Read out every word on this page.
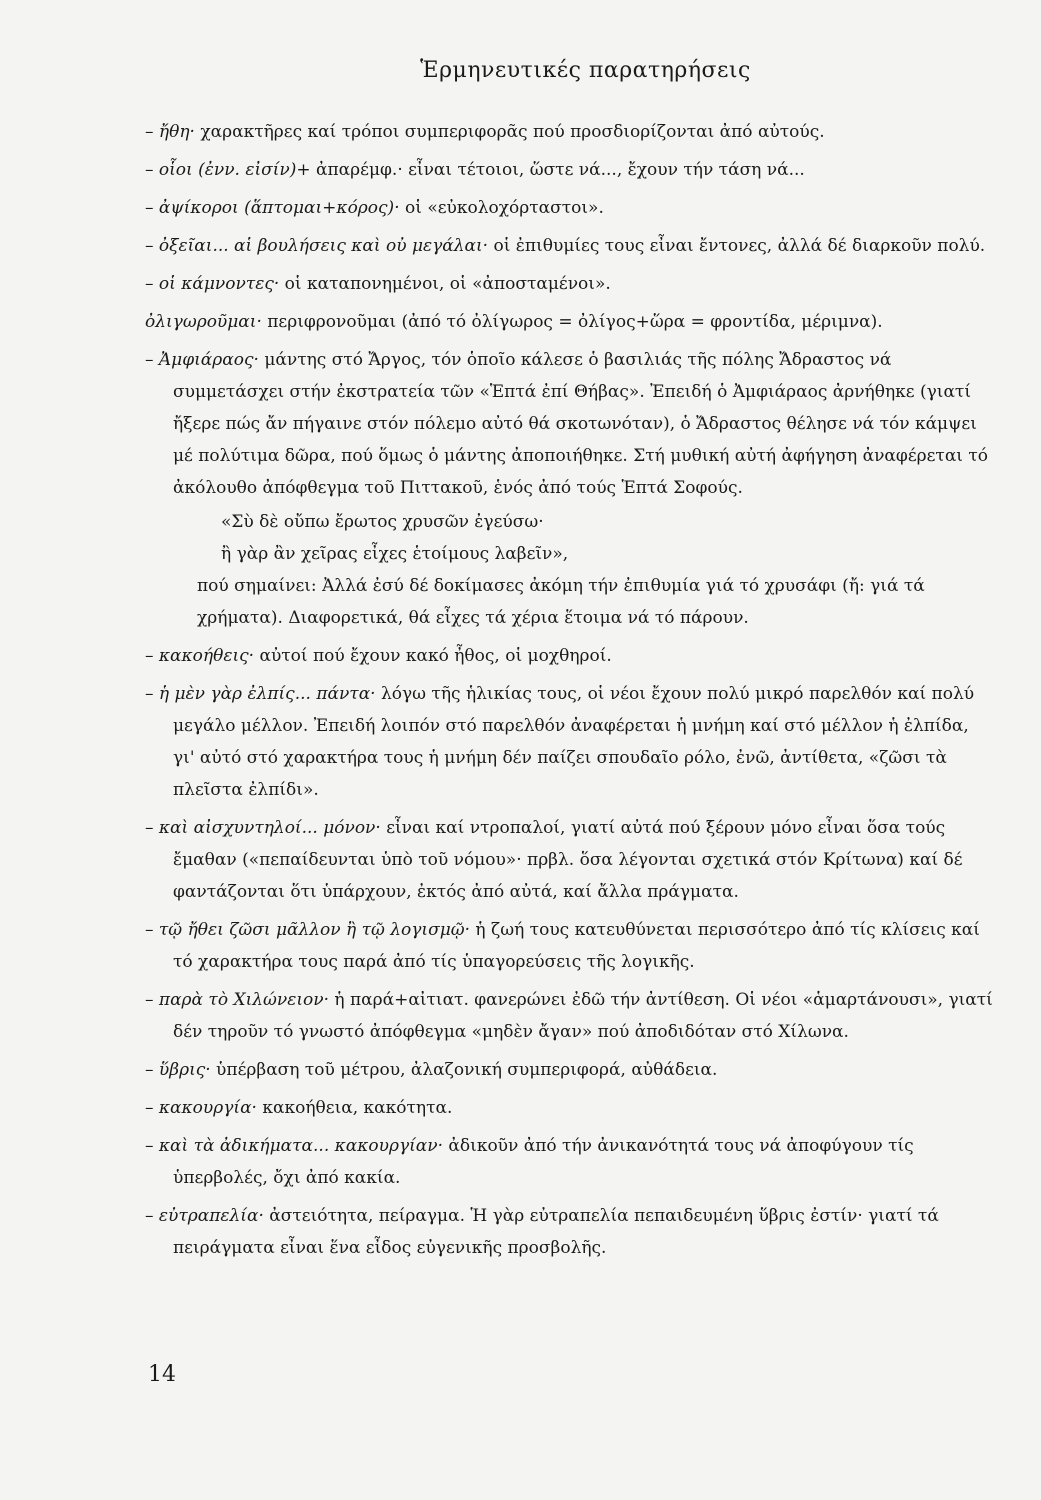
Ἑρμηνευτικές παρατηρήσεις
– ἤθη· χαρακτῆρες καί τρόποι συμπεριφορᾶς πού προσδιορίζονται ἀπό αὐτούς.
– οἷοι (ἐνν. εἰσίν)+ ἀπαρέμφ.· εἶναι τέτοιοι, ὥστε νά..., ἔχουν τήν τάση νά...
– ἀψίκοροι (ἅπτομαι+κόρος)· οἱ «εὐκολοχόρταστοι».
– ὀξεῖαι... αἱ βουλήσεις καὶ οὐ μεγάλαι· οἱ ἐπιθυμίες τους εἶναι ἔντονες, ἀλλά δέ διαρκοῦν πολύ.
– οἱ κάμνοντες· οἱ καταπονημένοι, οἱ «ἀποσταμένοι».
ὀλιγωροῦμαι· περιφρονοῦμαι (ἀπό τό ὀλίγωρος = ὀλίγος+ὥρα = φροντίδα, μέριμνα).
– Ἀμφιάραος· μάντης στό Ἄργος, τόν ὁποῖο κάλεσε ὁ βασιλιάς τῆς πόλης Ἄδραστος νά συμμετάσχει στήν ἐκστρατεία τῶν «Ἑπτά ἐπί Θήβας». Ἐπειδή ὁ Ἀμφιάραος ἀρνήθηκε (γιατί ἤξερε πώς ἄν πήγαινε στόν πόλεμο αὐτό θά σκοτωνόταν), ὁ Ἄδραστος θέλησε νά τόν κάμψει μέ πολύτιμα δῶρα, πού ὅμως ὁ μάντης ἀποποιήθηκε. Στή μυθική αὐτή ἀφήγηση ἀναφέρεται τό ἀκόλουθο ἀπόφθεγμα τοῦ Πιττακοῦ, ἑνός ἀπό τούς Ἑπτά Σοφούς.
«Σὺ δὲ οὔπω ἔρωτος χρυσῶν ἐγεύσω·
ἢ γὰρ ἂν χεῖρας εἶχες ἑτοίμους λαβεῖν»,
πού σημαίνει: Ἀλλά ἐσύ δέ δοκίμασες ἀκόμη τήν ἐπιθυμία γιά τό χρυσάφι (ἤ: γιά τά χρήματα). Διαφορετικά, θά εἶχες τά χέρια ἕτοιμα νά τό πάρουν.
– κακοήθεις· αὐτοί πού ἔχουν κακό ἦθος, οἱ μοχθηροί.
– ἡ μὲν γὰρ ἐλπίς... πάντα· λόγω τῆς ἡλικίας τους, οἱ νέοι ἔχουν πολύ μικρό παρελθόν καί πολύ μεγάλο μέλλον. Ἐπειδή λοιπόν στό παρελθόν ἀναφέρεται ἡ μνήμη καί στό μέλλον ἡ ἐλπίδα, γι' αὐτό στό χαρακτήρα τους ἡ μνήμη δέν παίζει σπουδαῖο ρόλο, ἐνῶ, ἀντίθετα, «ζῶσι τὰ πλεῖστα ἐλπίδι».
– καὶ αἰσχυντηλοί... μόνον· εἶναι καί ντροπαλοί, γιατί αὐτά πού ξέρουν μόνο εἶναι ὅσα τούς ἔμαθαν («πεπαίδευνται ὑπὸ τοῦ νόμου»· πρβλ. ὅσα λέγονται σχετικά στόν Κρίτωνα) καί δέ φαντάζονται ὅτι ὑπάρχουν, ἐκτός ἀπό αὐτά, καί ἄλλα πράγματα.
– τῷ ἤθει ζῶσι μᾶλλον ἢ τῷ λογισμῷ· ἡ ζωή τους κατευθύνεται περισσότερο ἀπό τίς κλίσεις καί τό χαρακτήρα τους παρά ἀπό τίς ὑπαγορεύσεις τῆς λογικῆς.
– παρὰ τὸ Χιλώνειον· ἡ παρά+αἰτιατ. φανερώνει ἐδῶ τήν ἀντίθεση. Οἱ νέοι «ἁμαρτάνουσι», γιατί δέν τηροῦν τό γνωστό ἀπόφθεγμα «μηδὲν ἄγαν» πού ἀποδιδόταν στό Χίλωνα.
– ὕβρις· ὑπέρβαση τοῦ μέτρου, ἀλαζονική συμπεριφορά, αὐθάδεια.
– κακουργία· κακοήθεια, κακότητα.
– καὶ τὰ ἀδικήματα... κακουργίαν· ἀδικοῦν ἀπό τήν ἀνικανότητά τους νά ἀποφύγουν τίς ὑπερβολές, ὄχι ἀπό κακία.
– εὐτραπελία· ἀστειότητα, πείραγμα. Ἡ γὰρ εὐτραπελία πεπαιδευμένη ὕβρις ἐστίν· γιατί τά πειράγματα εἶναι ἕνα εἶδος εὐγενικῆς προσβολῆς.
14
